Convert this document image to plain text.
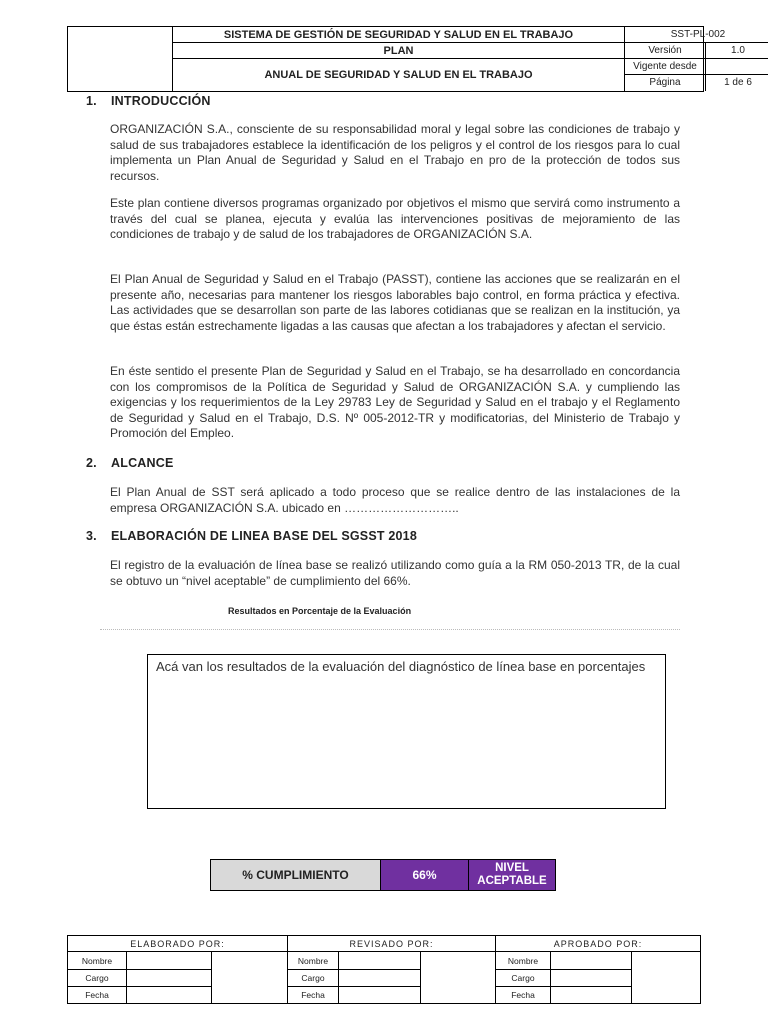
SISTEMA DE GESTIÓN DE SEGURIDAD Y SALUD EN EL TRABAJO
PLAN
ANUAL DE SEGURIDAD Y SALUD EN EL TRABAJO
SST-PL-002
Versión	1.0
Vigente desde
Página	1 de 6
1. INTRODUCCIÓN
ORGANIZACIÓN S.A., consciente de su responsabilidad moral y legal sobre las condiciones de trabajo y salud de sus trabajadores establece la identificación de los peligros y el control de los riesgos para lo cual implementa un Plan Anual de Seguridad y Salud en el Trabajo en pro de la protección de todos sus recursos.
Este plan contiene diversos programas organizado por objetivos el mismo que servirá como instrumento a través del cual se planea, ejecuta y evalúa las intervenciones positivas de mejoramiento de las condiciones de trabajo y de salud de los trabajadores de ORGANIZACIÓN S.A.
El Plan Anual de Seguridad y Salud en el Trabajo (PASST), contiene las acciones que se realizarán en el presente año, necesarias para mantener los riesgos laborables bajo control, en forma práctica y efectiva. Las actividades que se desarrollan son parte de las labores cotidianas que se realizan en la institución, ya que éstas están estrechamente ligadas a las causas que afectan a los trabajadores y afectan el servicio.
En éste sentido el presente Plan de Seguridad y Salud en el Trabajo, se ha desarrollado en concordancia con los compromisos de la Política de Seguridad y Salud de ORGANIZACIÓN S.A. y cumpliendo las exigencias y los requerimientos de la Ley 29783 Ley de Seguridad y Salud en el trabajo y el Reglamento de Seguridad y Salud en el Trabajo, D.S. Nº 005-2012-TR y modificatorias, del Ministerio de Trabajo y Promoción del Empleo.
2. ALCANCE
El Plan Anual de SST será aplicado a todo proceso que se realice dentro de las instalaciones de la empresa ORGANIZACIÓN S.A. ubicado en ………………………..
3. ELABORACIÓN DE LINEA BASE DEL SGSST 2018
El registro de la evaluación de línea base se realizó utilizando como guía a la RM 050-2013 TR, de la cual se obtuvo un “nivel aceptable” de cumplimiento del 66%.
Resultados en Porcentaje de la Evaluación
Acá van los resultados de la evaluación del diagnóstico de línea base en porcentajes
% CUMPLIMIENTO	66%	NIVEL ACEPTABLE
ELABORADO POR:
Nombre
Cargo
Fecha
REVISADO POR:
Nombre
Cargo
Fecha
APROBADO POR:
Nombre
Cargo
Fecha
